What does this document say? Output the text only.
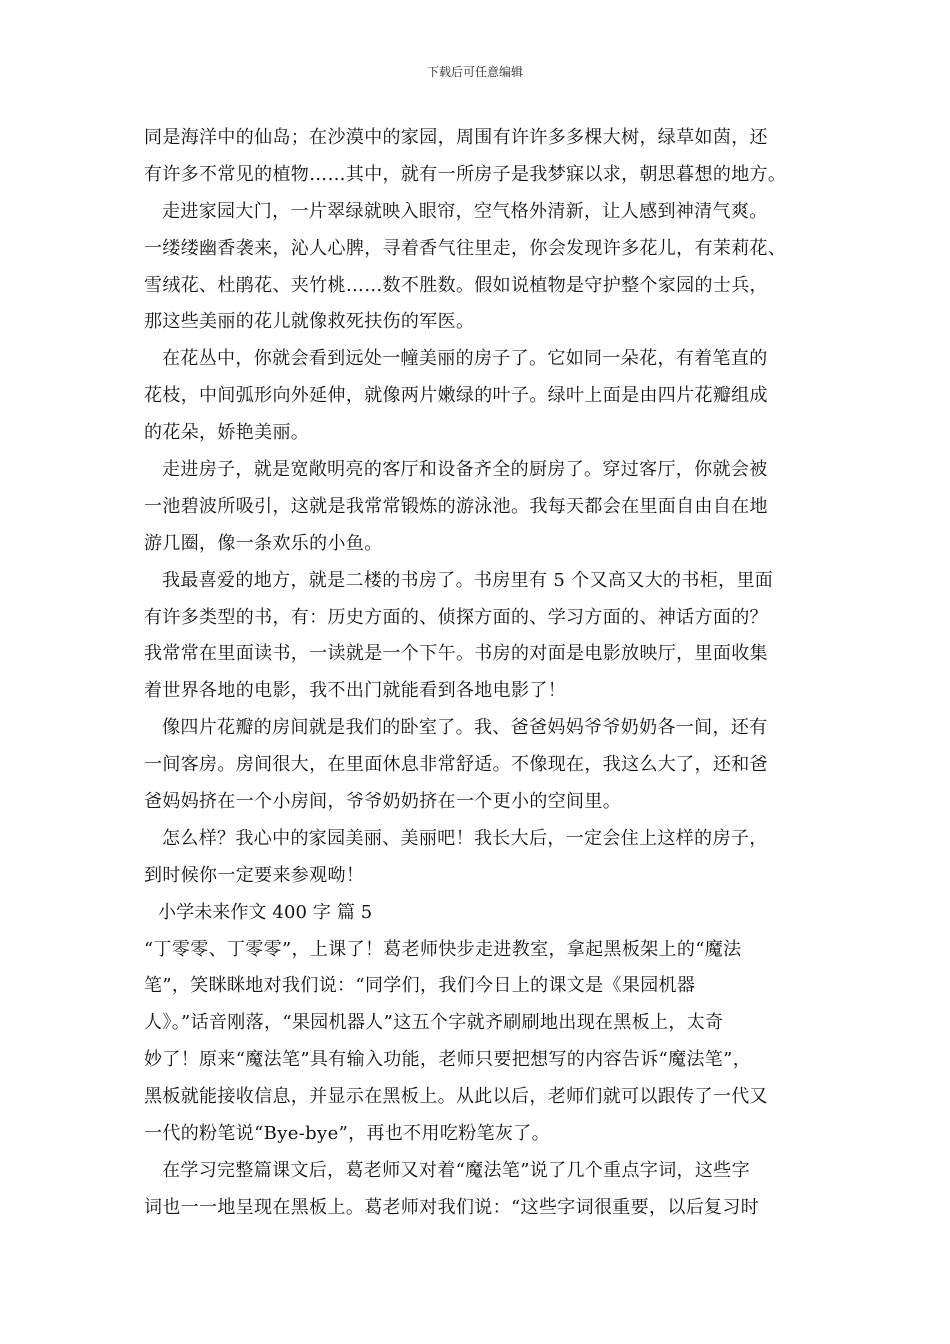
下载后可任意编辑
同是海洋中的仙岛；在沙漠中的家园，周围有许许多多棵大树，绿草如茵，还
有许多不常见的植物……其中，就有一所房子是我梦寐以求，朝思暮想的地方。
走进家园大门，一片翠绿就映入眼帘，空气格外清新，让人感到神清气爽。
一缕缕幽香袭来，沁人心脾，寻着香气往里走，你会发现许多花儿，有茉莉花、
雪绒花、杜鹃花、夹竹桃……数不胜数。假如说植物是守护整个家园的士兵，
那这些美丽的花儿就像救死扶伤的军医。
在花丛中，你就会看到远处一幢美丽的房子了。它如同一朵花，有着笔直的
花枝，中间弧形向外延伸，就像两片嫩绿的叶子。绿叶上面是由四片花瓣组成
的花朵，娇艳美丽。
走进房子，就是宽敞明亮的客厅和设备齐全的厨房了。穿过客厅，你就会被
一池碧波所吸引，这就是我常常锻炼的游泳池。我每天都会在里面自由自在地
游几圈，像一条欢乐的小鱼。
我最喜爱的地方，就是二楼的书房了。书房里有 5 个又高又大的书柜，里面
有许多类型的书，有：历史方面的、侦探方面的、学习方面的、神话方面的？
我常常在里面读书，一读就是一个下午。书房的对面是电影放映厅，里面收集
着世界各地的电影，我不出门就能看到各地电影了！
像四片花瓣的房间就是我们的卧室了。我、爸爸妈妈爷爷奶奶各一间，还有
一间客房。房间很大，在里面休息非常舒适。不像现在，我这么大了，还和爸
爸妈妈挤在一个小房间，爷爷奶奶挤在一个更小的空间里。
怎么样？我心中的家园美丽、美丽吧！我长大后，一定会住上这样的房子，
到时候你一定要来参观呦！
小学未来作文 400 字 篇 5
“丁零零、丁零零”，上课了！葛老师快步走进教室，拿起黑板架上的“魔法
笔”，笑眯眯地对我们说：“同学们，我们今日上的课文是《果园机器
人》。”话音刚落，“果园机器人”这五个字就齐刷刷地出现在黑板上，太奇
妙了！原来“魔法笔”具有输入功能，老师只要把想写的内容告诉“魔法笔”，
黑板就能接收信息，并显示在黑板上。从此以后，老师们就可以跟传了一代又
一代的粉笔说“Bye-bye”，再也不用吃粉笔灰了。
在学习完整篇课文后，葛老师又对着“魔法笔”说了几个重点字词，这些字
词也一一地呈现在黑板上。葛老师对我们说：“这些字词很重要，以后复习时
